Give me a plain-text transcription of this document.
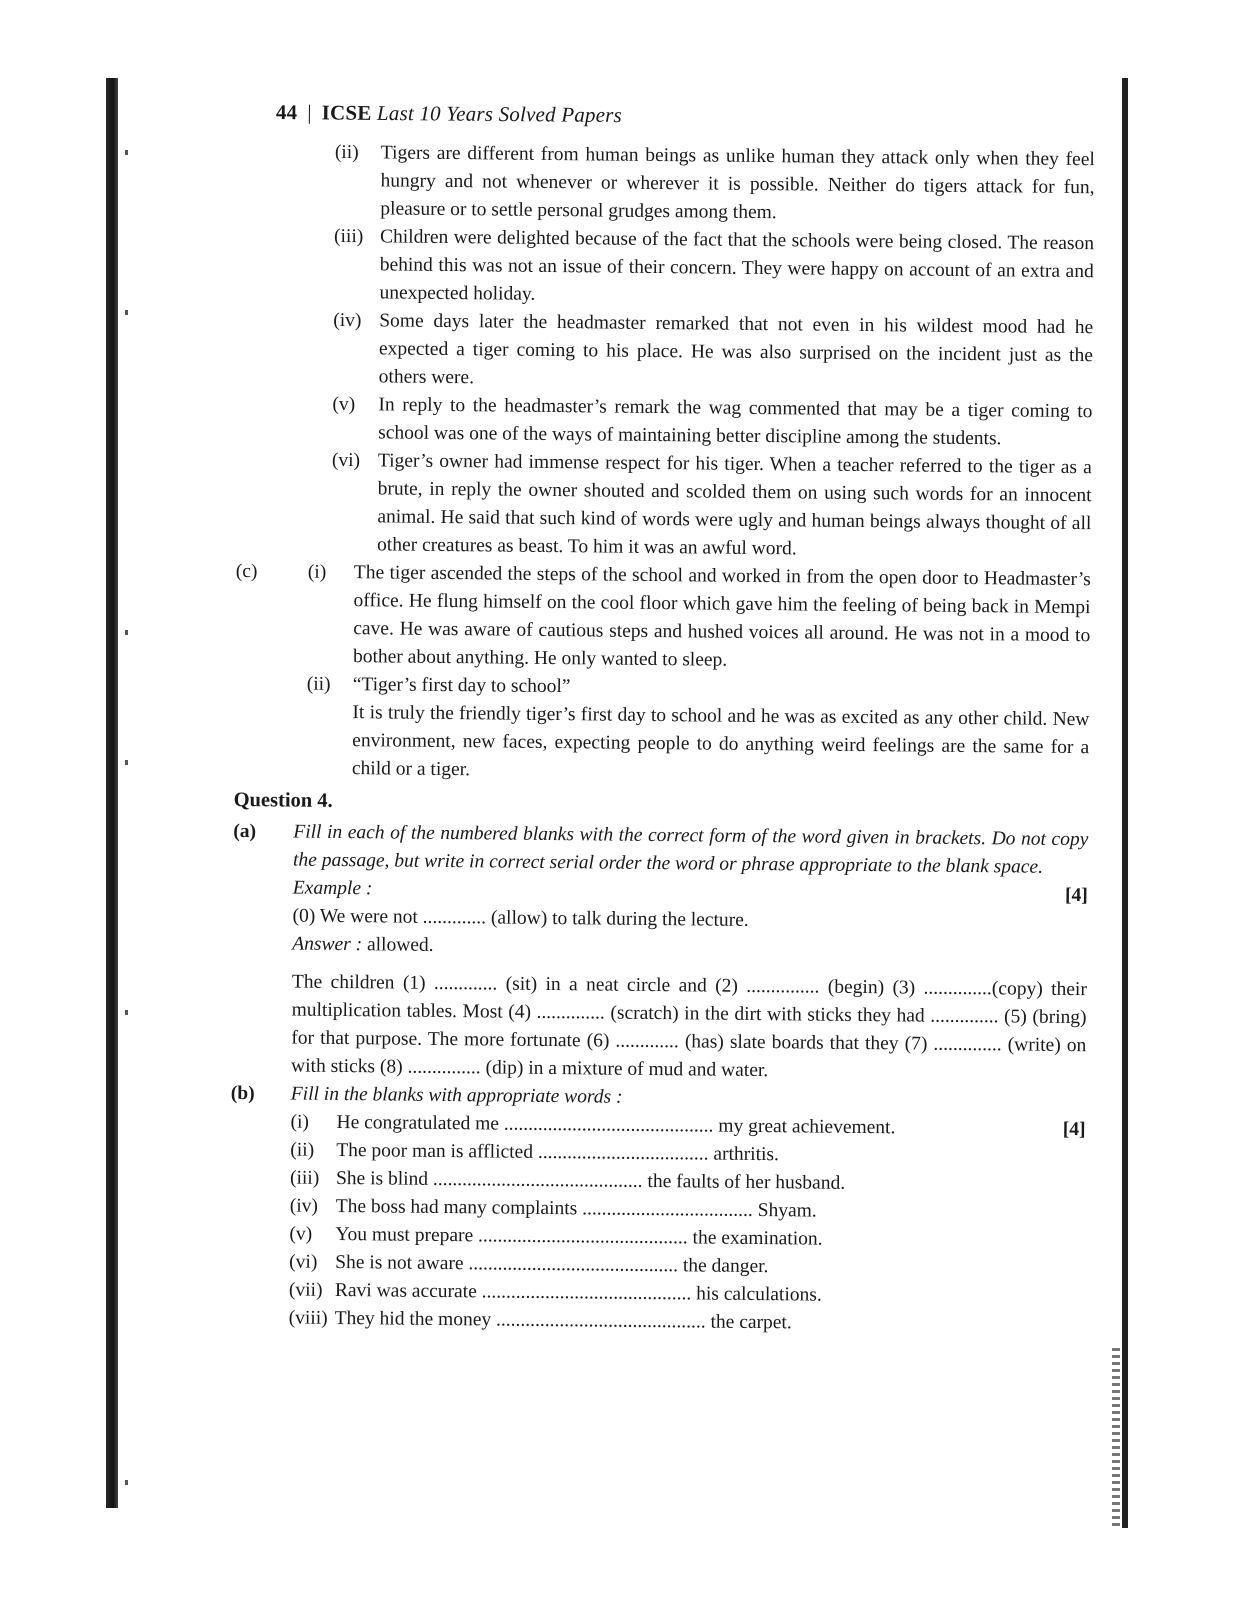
44 | ICSE Last 10 Years Solved Papers
(ii)	Tigers are different from human beings as unlike human they attack only when they feel hungry and not whenever or wherever it is possible. Neither do tigers attack for fun, pleasure or to settle personal grudges among them.
(iii) Children were delighted because of the fact that the schools were being closed. The reason behind this was not an issue of their concern. They were happy on account of an extra and unexpected holiday.
(iv) Some days later the headmaster remarked that not even in his wildest mood had he expected a tiger coming to his place. He was also surprised on the incident just as the others were.
(v)	In reply to the headmaster’s remark the wag commented that may be a tiger coming to school was one of the ways of maintaining better discipline among the students.
(vi) Tiger’s owner had immense respect for his tiger. When a teacher referred to the tiger as a brute, in reply the owner shouted and scolded them on using such words for an innocent animal. He said that such kind of words were ugly and human beings always thought of all other creatures as beast. To him it was an awful word.
(c)	(i)	The tiger ascended the steps of the school and worked in from the open door to Headmaster’s office. He flung himself on the cool floor which gave him the feeling of being back in Mempi cave. He was aware of cautious steps and hushed voices all around. He was not in a mood to bother about anything. He only wanted to sleep.
(ii)	“Tiger’s first day to school”
It is truly the friendly tiger’s first day to school and he was as excited as any other child. New environment, new faces, expecting people to do anything weird feelings are the same for a child or a tiger.
Question 4.
(a)	Fill in each of the numbered blanks with the correct form of the word given in brackets. Do not copy the passage, but write in correct serial order the word or phrase appropriate to the blank space.
Example :	[4]
(0) We were not ............. (allow) to talk during the lecture.
Answer : allowed.
The children (1) ............. (sit) in a neat circle and (2) ............... (begin) (3) ..............(copy) their multiplication tables. Most (4) .............. (scratch) in the dirt with sticks they had .............. (5) (bring) for that purpose. The more fortunate (6) ............. (has) slate boards that they (7) .............. (write) on with sticks (8) ............... (dip) in a mixture of mud and water.
(b)	Fill in the blanks with appropriate words :
(i)	He congratulated me ........................................... my great achievement.	[4]
(ii)	The poor man is afflicted ................................... arthritis.
(iii) She is blind ........................................... the faults of her husband.
(iv) The boss had many complaints ................................... Shyam.
(v)	You must prepare ........................................... the examination.
(vi) She is not aware ........................................... the danger.
(vii) Ravi was accurate ........................................... his calculations.
(viii) They hid the money ........................................... the carpet.
